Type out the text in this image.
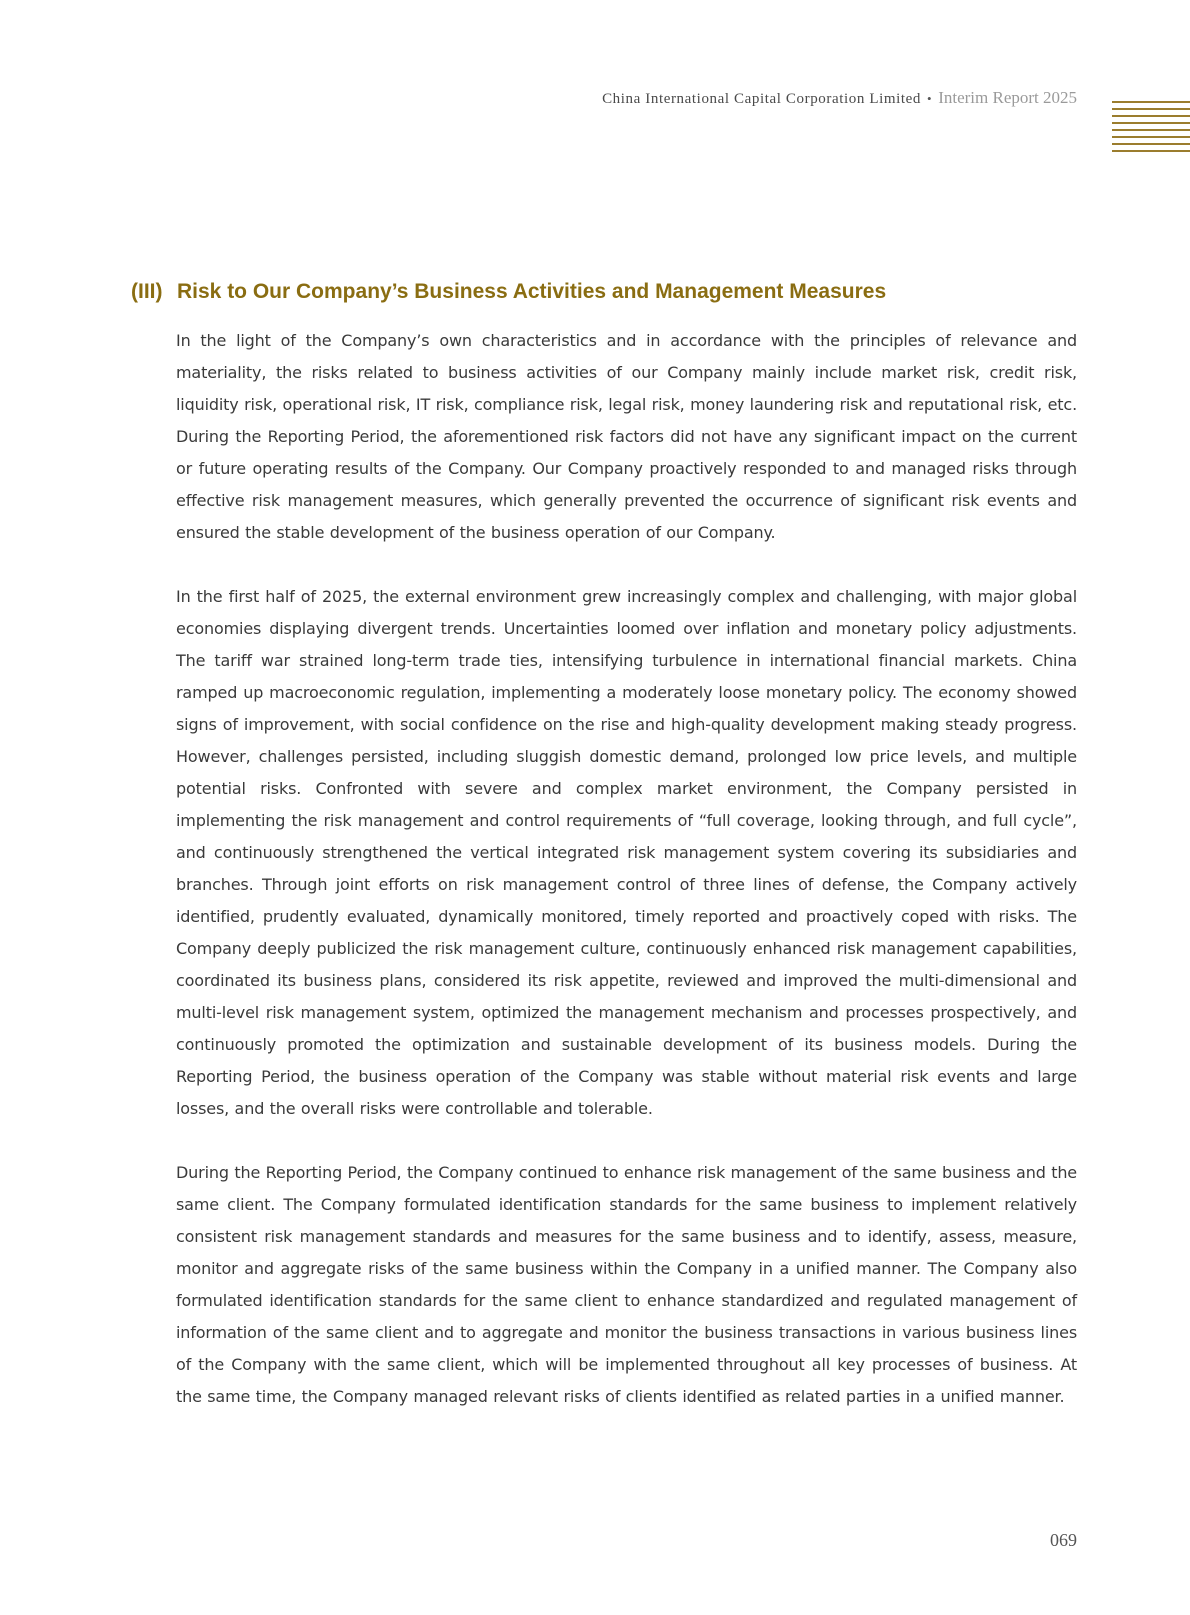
China International Capital Corporation Limited • Interim Report 2025
(III) Risk to Our Company’s Business Activities and Management Measures

In the light of the Company’s own characteristics and in accordance with the principles of relevance and materiality, the risks related to business activities of our Company mainly include market risk, credit risk, liquidity risk, operational risk, IT risk, compliance risk, legal risk, money laundering risk and reputational risk, etc. During the Reporting Period, the aforementioned risk factors did not have any significant impact on the current or future operating results of the Company. Our Company proactively responded to and managed risks through effective risk management measures, which generally prevented the occurrence of significant risk events and ensured the stable development of the business operation of our Company.

In the first half of 2025, the external environment grew increasingly complex and challenging, with major global economies displaying divergent trends. Uncertainties loomed over inflation and monetary policy adjustments. The tariff war strained long-term trade ties, intensifying turbulence in international financial markets. China ramped up macroeconomic regulation, implementing a moderately loose monetary policy. The economy showed signs of improvement, with social confidence on the rise and high-quality development making steady progress. However, challenges persisted, including sluggish domestic demand, prolonged low price levels, and multiple potential risks. Confronted with severe and complex market environment, the Company persisted in implementing the risk management and control requirements of “full coverage, looking through, and full cycle”, and continuously strengthened the vertical integrated risk management system covering its subsidiaries and branches. Through joint efforts on risk management control of three lines of defense, the Company actively identified, prudently evaluated, dynamically monitored, timely reported and proactively coped with risks. The Company deeply publicized the risk management culture, continuously enhanced risk management capabilities, coordinated its business plans, considered its risk appetite, reviewed and improved the multi-dimensional and multi-level risk management system, optimized the management mechanism and processes prospectively, and continuously promoted the optimization and sustainable development of its business models. During the Reporting Period, the business operation of the Company was stable without material risk events and large losses, and the overall risks were controllable and tolerable.

During the Reporting Period, the Company continued to enhance risk management of the same business and the same client. The Company formulated identification standards for the same business to implement relatively consistent risk management standards and measures for the same business and to identify, assess, measure, monitor and aggregate risks of the same business within the Company in a unified manner. The Company also formulated identification standards for the same client to enhance standardized and regulated management of information of the same client and to aggregate and monitor the business transactions in various business lines of the Company with the same client, which will be implemented throughout all key processes of business. At the same time, the Company managed relevant risks of clients identified as related parties in a unified manner.

069
